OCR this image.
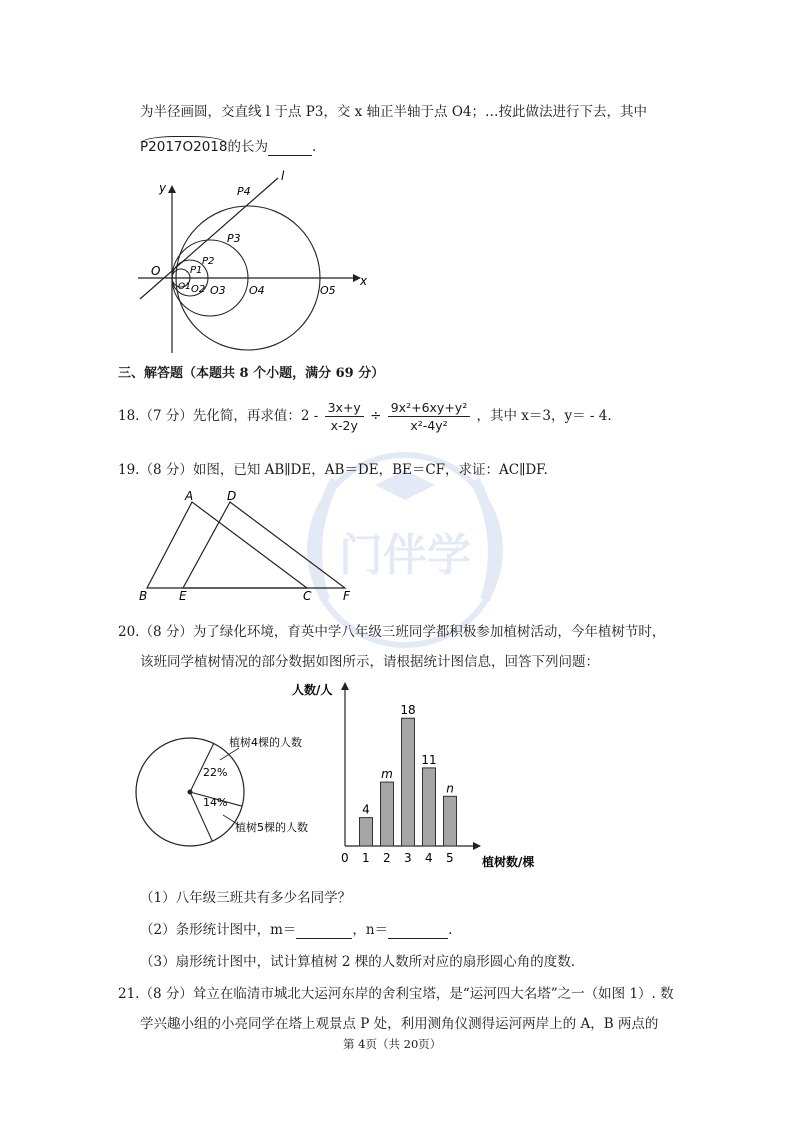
门伴学
为半径画圆，交直线 l 于点 P3，交 x 轴正半轴于点 O4；…按此做法进行下去，其中
P2017O2018的长为	.
y
x
l
O
P4
P3
P2
P1
O1 O2 O3 O4	O5
三、解答题（本题共 8 个小题，满分 69 分）
18.（7 分）先化简，再求值：$2 - \frac{3x+y}{x-2y} \div \frac{\text{9x²+6xy+y²}}{\text{x²-4y²}}$ ，其中 x＝3，y＝ - 4.
19.（8 分）如图，已知 AB∥DE，AB＝DE，BE＝CF，求证：AC∥DF.
A	D
B	E	C	F
20.（8 分）为了绿化环境，育英中学八年级三班同学都积极参加植树活动，今年植树节时，
该班同学植树情况的部分数据如图所示，请根据统计图信息，回答下列问题：
22%
14%
植树4棵的人数
植树5棵的人数
人数/人
植树数/棵
4
m
18
11
n
0 1 2 3 4 5
（1）八年级三班共有多少名同学？
（2）条形统计图中，m＝	，n＝	.
（3）扇形统计图中，试计算植树 2 棵的人数所对应的扇形圆心角的度数.
21.（8 分）耸立在临清市城北大运河东岸的舍利宝塔，是“运河四大名塔”之一（如图 1）. 数
学兴趣小组的小亮同学在塔上观景点 P 处，利用测角仪测得运河两岸上的 A，B 两点的
第 4页（共 20页）
